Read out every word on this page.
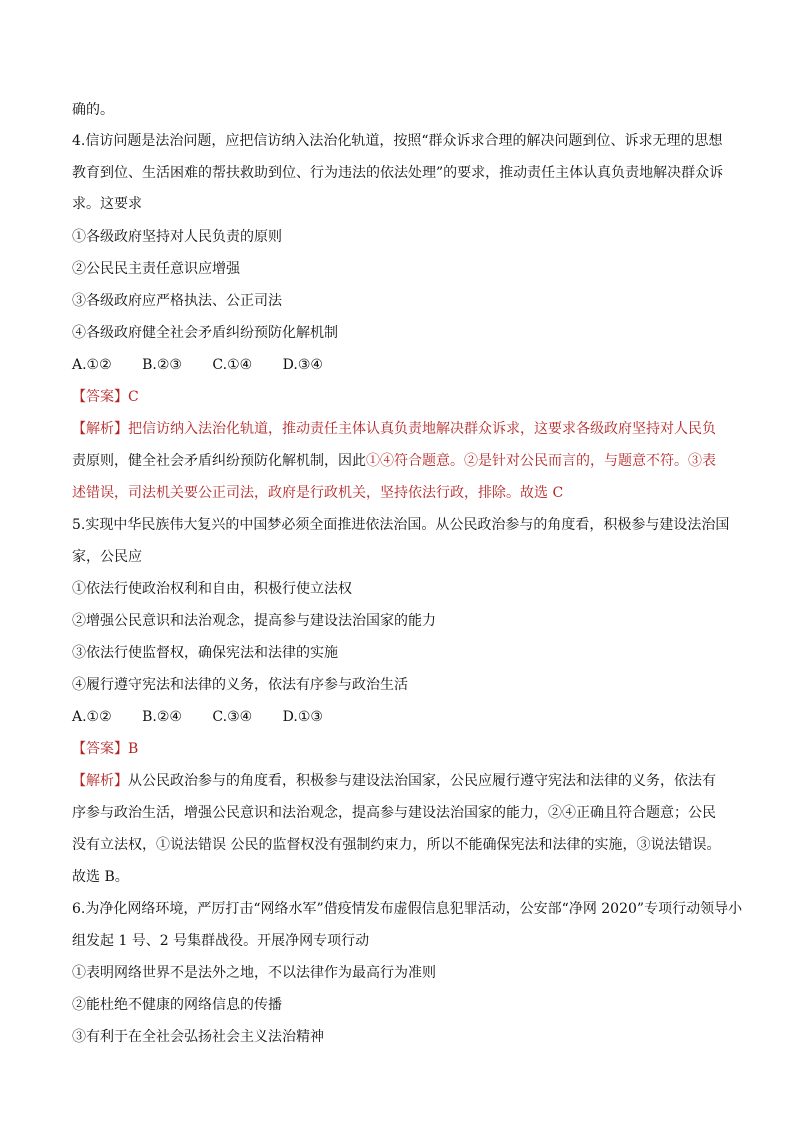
确的。
4.信访问题是法治问题，应把信访纳入法治化轨道，按照“群众诉求合理的解决问题到位、诉求无理的思想
教育到位、生活困难的帮扶救助到位、行为违法的依法处理”的要求，推动责任主体认真负责地解决群众诉
求。这要求
①各级政府坚持对人民负责的原则
②公民民主责任意识应增强
③各级政府应严格执法、公正司法
④各级政府健全社会矛盾纠纷预防化解机制
A.①② B.②③ C.①④ D.③④
【答案】C
【解析】把信访纳入法治化轨道，推动责任主体认真负责地解决群众诉求，这要求各级政府坚持对人民负
责原则，健全社会矛盾纠纷预防化解机制，因此①④符合题意。②是针对公民而言的，与题意不符。③表
述错误，司法机关要公正司法，政府是行政机关，坚持依法行政，排除。故选 C
5.实现中华民族伟大复兴的中国梦必须全面推进依法治国。从公民政治参与的角度看，积极参与建设法治国
家，公民应
①依法行使政治权利和自由，积极行使立法权
②增强公民意识和法治观念，提高参与建设法治国家的能力
③依法行使监督权，确保宪法和法律的实施
④履行遵守宪法和法律的义务，依法有序参与政治生活
A.①② B.②④ C.③④ D.①③
【答案】B
【解析】从公民政治参与的角度看，积极参与建设法治国家，公民应履行遵守宪法和法律的义务，依法有
序参与政治生活，增强公民意识和法治观念，提高参与建设法治国家的能力，②④正确且符合题意；公民
没有立法权，①说法错误 公民的监督权没有强制约束力，所以不能确保宪法和法律的实施，③说法错误。
故选 B。
6.为净化网络环境，严厉打击“网络水军”借疫情发布虚假信息犯罪活动，公安部“净网 2020”专项行动领导小
组发起 1 号、2 号集群战役。开展净网专项行动
①表明网络世界不是法外之地，不以法律作为最高行为准则
②能杜绝不健康的网络信息的传播
③有利于在全社会弘扬社会主义法治精神
